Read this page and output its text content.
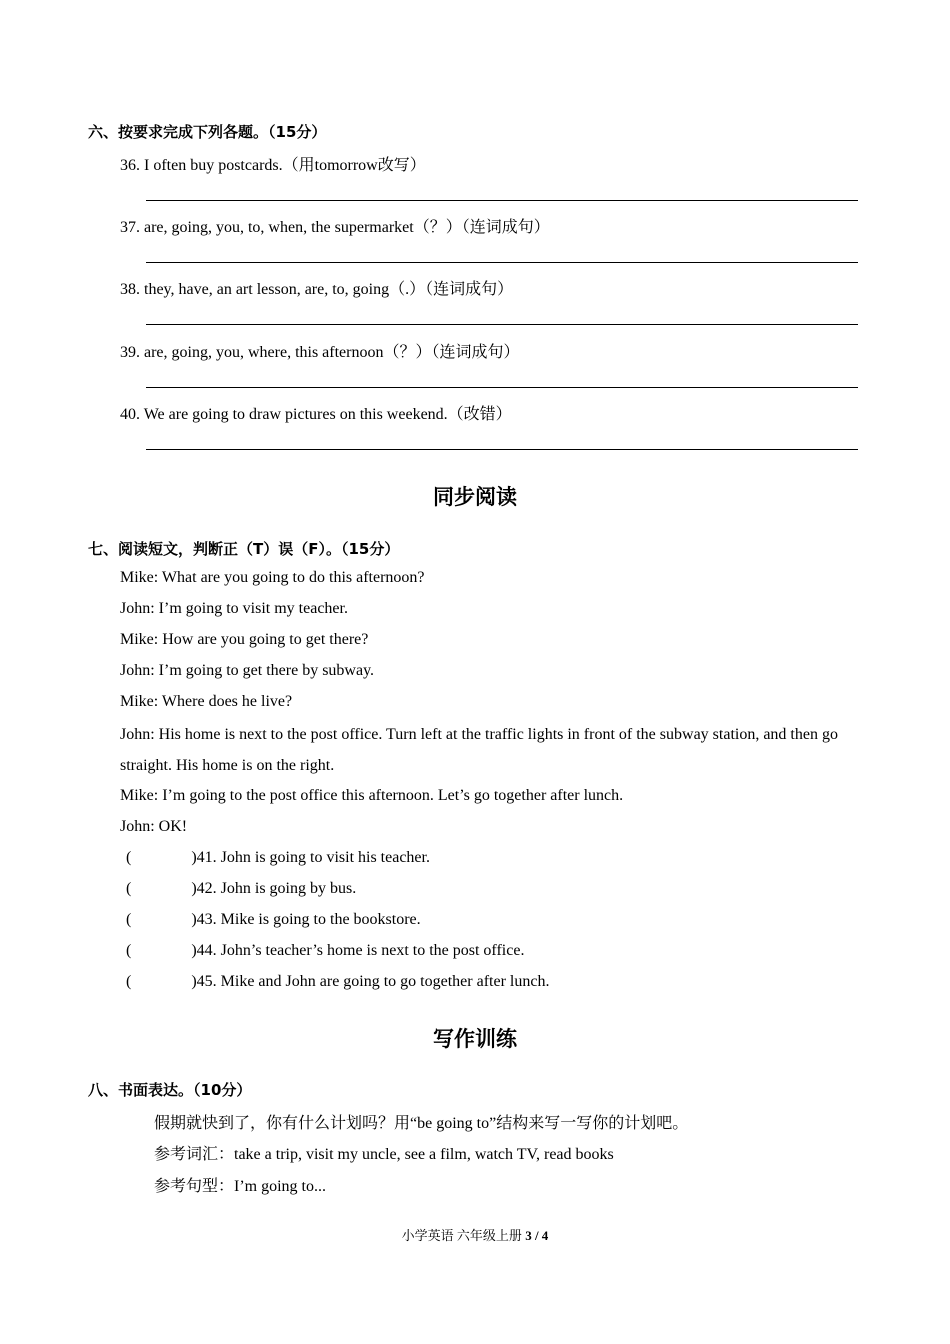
六、按要求完成下列各题。（15分）
36. I often buy postcards.（用tomorrow改写）
37. are, going, you, to, when, the supermarket（？）（连词成句）
38. they, have, an art lesson, are, to, going（.）（连词成句）
39. are, going, you, where, this afternoon（？）（连词成句）
40. We are going to draw pictures on this weekend.（改错）
同步阅读
七、阅读短文，判断正（T）误（F）。（15分）
Mike: What are you going to do this afternoon?
John: I’m going to visit my teacher.
Mike: How are you going to get there?
John: I’m going to get there by subway.
Mike: Where does he live?
John: His home is next to the post office. Turn left at the traffic lights in front of the subway station, and then go straight. His home is on the right.
Mike: I’m going to the post office this afternoon. Let’s go together after lunch.
John: OK!
(	)41. John is going to visit his teacher.
(	)42. John is going by bus.
(	)43. Mike is going to the bookstore.
(	)44. John’s teacher’s home is next to the post office.
(	)45. Mike and John are going to go together after lunch.
写作训练
八、书面表达。（10分）
假期就快到了，你有什么计划吗？用“be going to”结构来写一写你的计划吧。
参考词汇：take a trip, visit my uncle, see a film, watch TV, read books
参考句型：I’m going to...
小学英语 六年级上册 3 / 4
